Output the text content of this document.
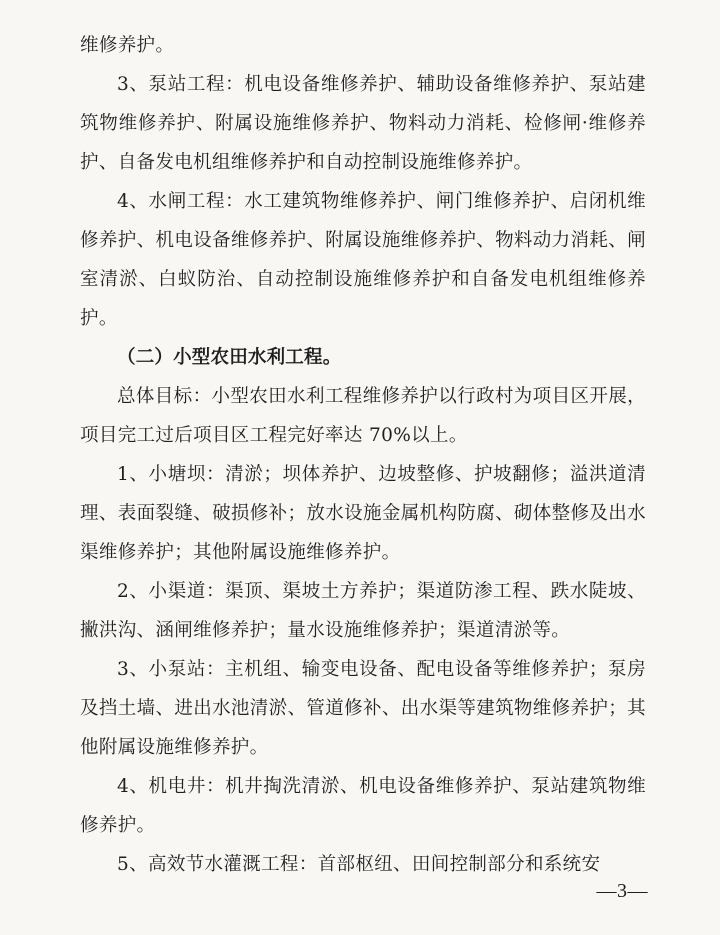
维修养护。

3、泵站工程：机电设备维修养护、辅助设备维修养护、泵站建筑物维修养护、附属设施维修养护、物料动力消耗、检修闸·维修养护、自备发电机组维修养护和自动控制设施维修养护。

4、水闸工程：水工建筑物维修养护、闸门维修养护、启闭机维修养护、机电设备维修养护、附属设施维修养护、物料动力消耗、闸室清淤、白蚁防治、自动控制设施维修养护和自备发电机组维修养护。

（二）小型农田水利工程。

总体目标：小型农田水利工程维修养护以行政村为项目区开展，项目完工过后项目区工程完好率达 70%以上。

1、小塘坝：清淤；坝体养护、边坡整修、护坡翻修；溢洪道清理、表面裂缝、破损修补；放水设施金属机构防腐、砌体整修及出水渠维修养护；其他附属设施维修养护。

2、小渠道：渠顶、渠坡土方养护；渠道防渗工程、跌水陡坡、撇洪沟、涵闸维修养护；量水设施维修养护；渠道清淤等。

3、小泵站：主机组、输变电设备、配电设备等维修养护；泵房及挡土墙、进出水池清淤、管道修补、出水渠等建筑物维修养护；其他附属设施维修养护。

4、机电井：机井掏洗清淤、机电设备维修养护、泵站建筑物维修养护。

5、高效节水灌溉工程：首部枢纽、田间控制部分和系统安

—3—
